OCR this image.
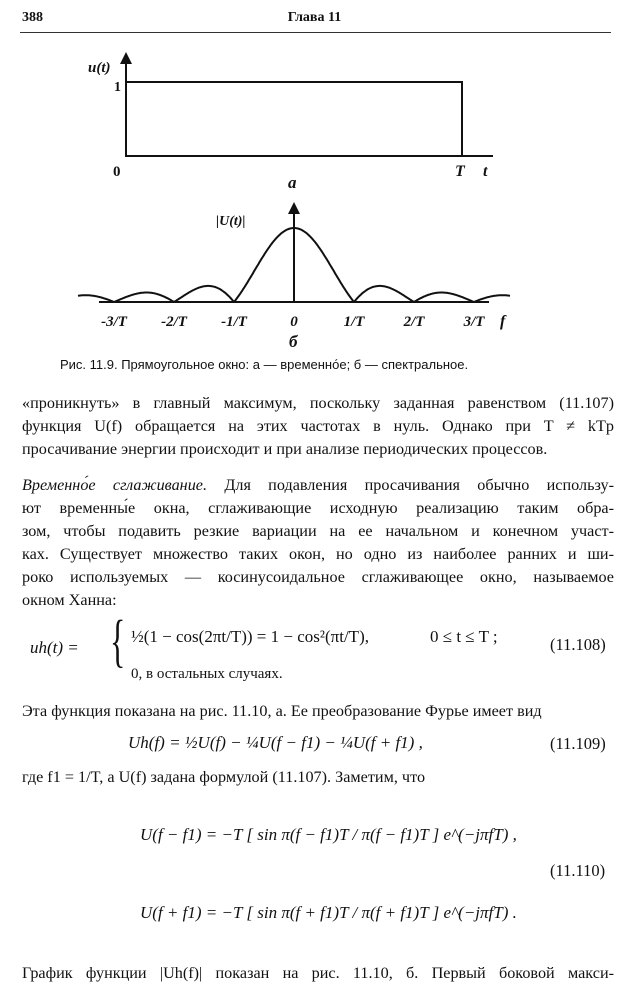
388	Глава 11
u(t)
1
0	T t
а
|U(t)|
f
б
-3/T -2/T -1/T	0	1/T	2/T	3/T
Рис. 11.9. Прямоугольное окно: а — временно́е; б — спектральное.
«проникнуть» в главный максимум, поскольку заданная равенством (11.107)
функция U(f) обращается на этих частотах в нуль. Однако при T ≠ kTp
просачивание энергии происходит и при анализе периодических процессов.
Временно́е сглаживание. Для подавления просачивания обычно использу-
ют временны́е окна, сглаживающие исходную реализацию таким обра-
зом, чтобы подавить резкие вариации на ее начальном и конечном участ-
ках. Существует множество таких окон, но одно из наиболее ранних и ши-
роко используемых — косинусоидальное сглаживающее окно, называемое
окном Ханна:
uh(t) = { ½(1 − cos(2πt/T)) = 1 − cos²(πt/T),	0 ≤ t ≤ T ;
0, в остальных случаях.
(11.108)
Эта функция показана на рис. 11.10, а. Ее преобразование Фурье имеет вид
Uh(f) = ½U(f) − ¼U(f − f1) − ¼U(f + f1) ,	(11.109)
где f1 = 1/T, а U(f) задана формулой (11.107). Заметим, что
U(f − f1) = −T [ sin π(f − f1)T / π(f − f1)T ] e^(−jπfT) ,
U(f + f1) = −T [ sin π(f + f1)T / π(f + f1)T ] e^(−jπfT) .
(11.110)
График функции |Uh(f)| показан на рис. 11.10, б. Первый боковой макси-
